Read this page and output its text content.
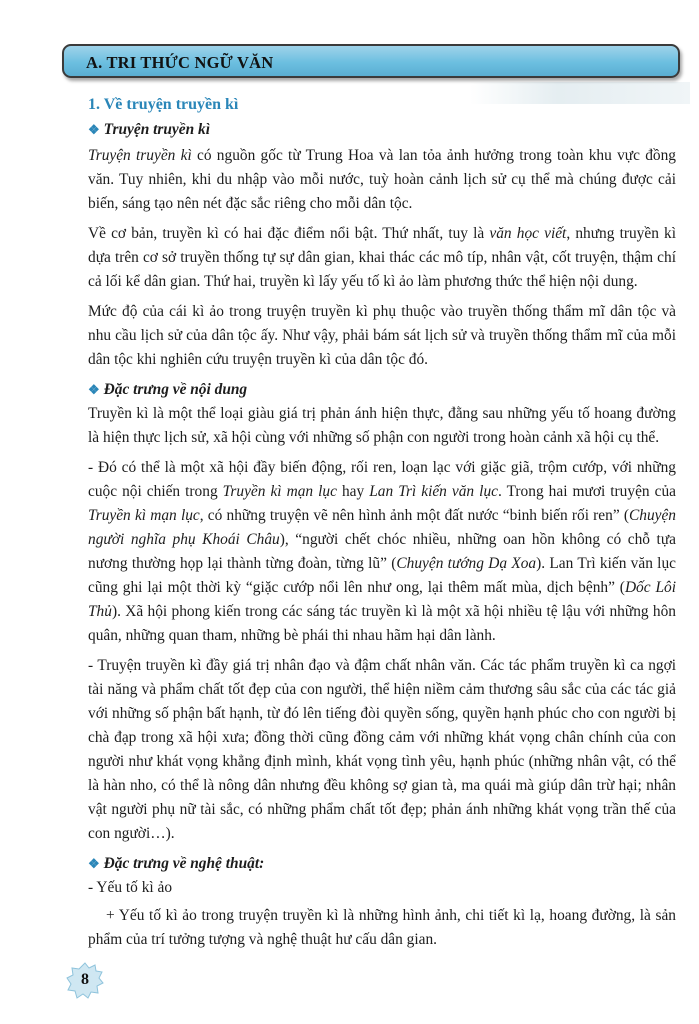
A. TRI THỨC NGỮ VĂN
1. Về truyện truyền kì
❖ Truyện truyền kì

Truyện truyền kì có nguồn gốc từ Trung Hoa và lan tỏa ảnh hưởng trong toàn khu vực đồng văn. Tuy nhiên, khi du nhập vào mỗi nước, tuỳ hoàn cảnh lịch sử cụ thể mà chúng được cải biến, sáng tạo nên nét đặc sắc riêng cho mỗi dân tộc.

Về cơ bản, truyền kì có hai đặc điểm nổi bật. Thứ nhất, tuy là văn học viết, nhưng truyền kì dựa trên cơ sở truyền thống tự sự dân gian, khai thác các mô típ, nhân vật, cốt truyện, thậm chí cả lối kể dân gian. Thứ hai, truyền kì lấy yếu tố kì ảo làm phương thức thể hiện nội dung.

Mức độ của cái kì ảo trong truyện truyền kì phụ thuộc vào truyền thống thẩm mĩ dân tộc và nhu cầu lịch sử của dân tộc ấy. Như vậy, phải bám sát lịch sử và truyền thống thẩm mĩ của mỗi dân tộc khi nghiên cứu truyện truyền kì của dân tộc đó.

❖ Đặc trưng về nội dung

Truyền kì là một thể loại giàu giá trị phản ánh hiện thực, đằng sau những yếu tố hoang đường là hiện thực lịch sử, xã hội cùng với những số phận con người trong hoàn cảnh xã hội cụ thể.

- Đó có thể là một xã hội đầy biến động, rối ren, loạn lạc với giặc giã, trộm cướp, với những cuộc nội chiến trong Truyền kì mạn lục hay Lan Trì kiến văn lục. Trong hai mươi truyện của Truyền kì mạn lục, có những truyện vẽ nên hình ảnh một đất nước “binh biến rối ren” (Chuyện người nghĩa phụ Khoái Châu), “người chết chóc nhiều, những oan hồn không có chỗ tựa nương thường họp lại thành từng đoàn, từng lũ” (Chuyện tướng Dạ Xoa). Lan Trì kiến văn lục cũng ghi lại một thời kỳ “giặc cướp nổi lên như ong, lại thêm mất mùa, dịch bệnh” (Dốc Lôi Thủ). Xã hội phong kiến trong các sáng tác truyền kì là một xã hội nhiều tệ lậu với những hôn quân, những quan tham, những bè phái thi nhau hãm hại dân lành.

- Truyện truyền kì đầy giá trị nhân đạo và đậm chất nhân văn. Các tác phẩm truyền kì ca ngợi tài năng và phẩm chất tốt đẹp của con người, thể hiện niềm cảm thương sâu sắc của các tác giả với những số phận bất hạnh, từ đó lên tiếng đòi quyền sống, quyền hạnh phúc cho con người bị chà đạp trong xã hội xưa; đồng thời cũng đồng cảm với những khát vọng chân chính của con người như khát vọng khẳng định mình, khát vọng tình yêu, hạnh phúc (những nhân vật, có thể là hàn nho, có thể là nông dân nhưng đều không sợ gian tà, ma quái mà giúp dân trừ hại; nhân vật người phụ nữ tài sắc, có những phẩm chất tốt đẹp; phản ánh những khát vọng trần thế của con người…).

❖ Đặc trưng về nghệ thuật:

- Yếu tố kì ảo

+ Yếu tố kì ảo trong truyện truyền kì là những hình ảnh, chi tiết kì lạ, hoang đường, là sản phẩm của trí tưởng tượng và nghệ thuật hư cấu dân gian.

8
